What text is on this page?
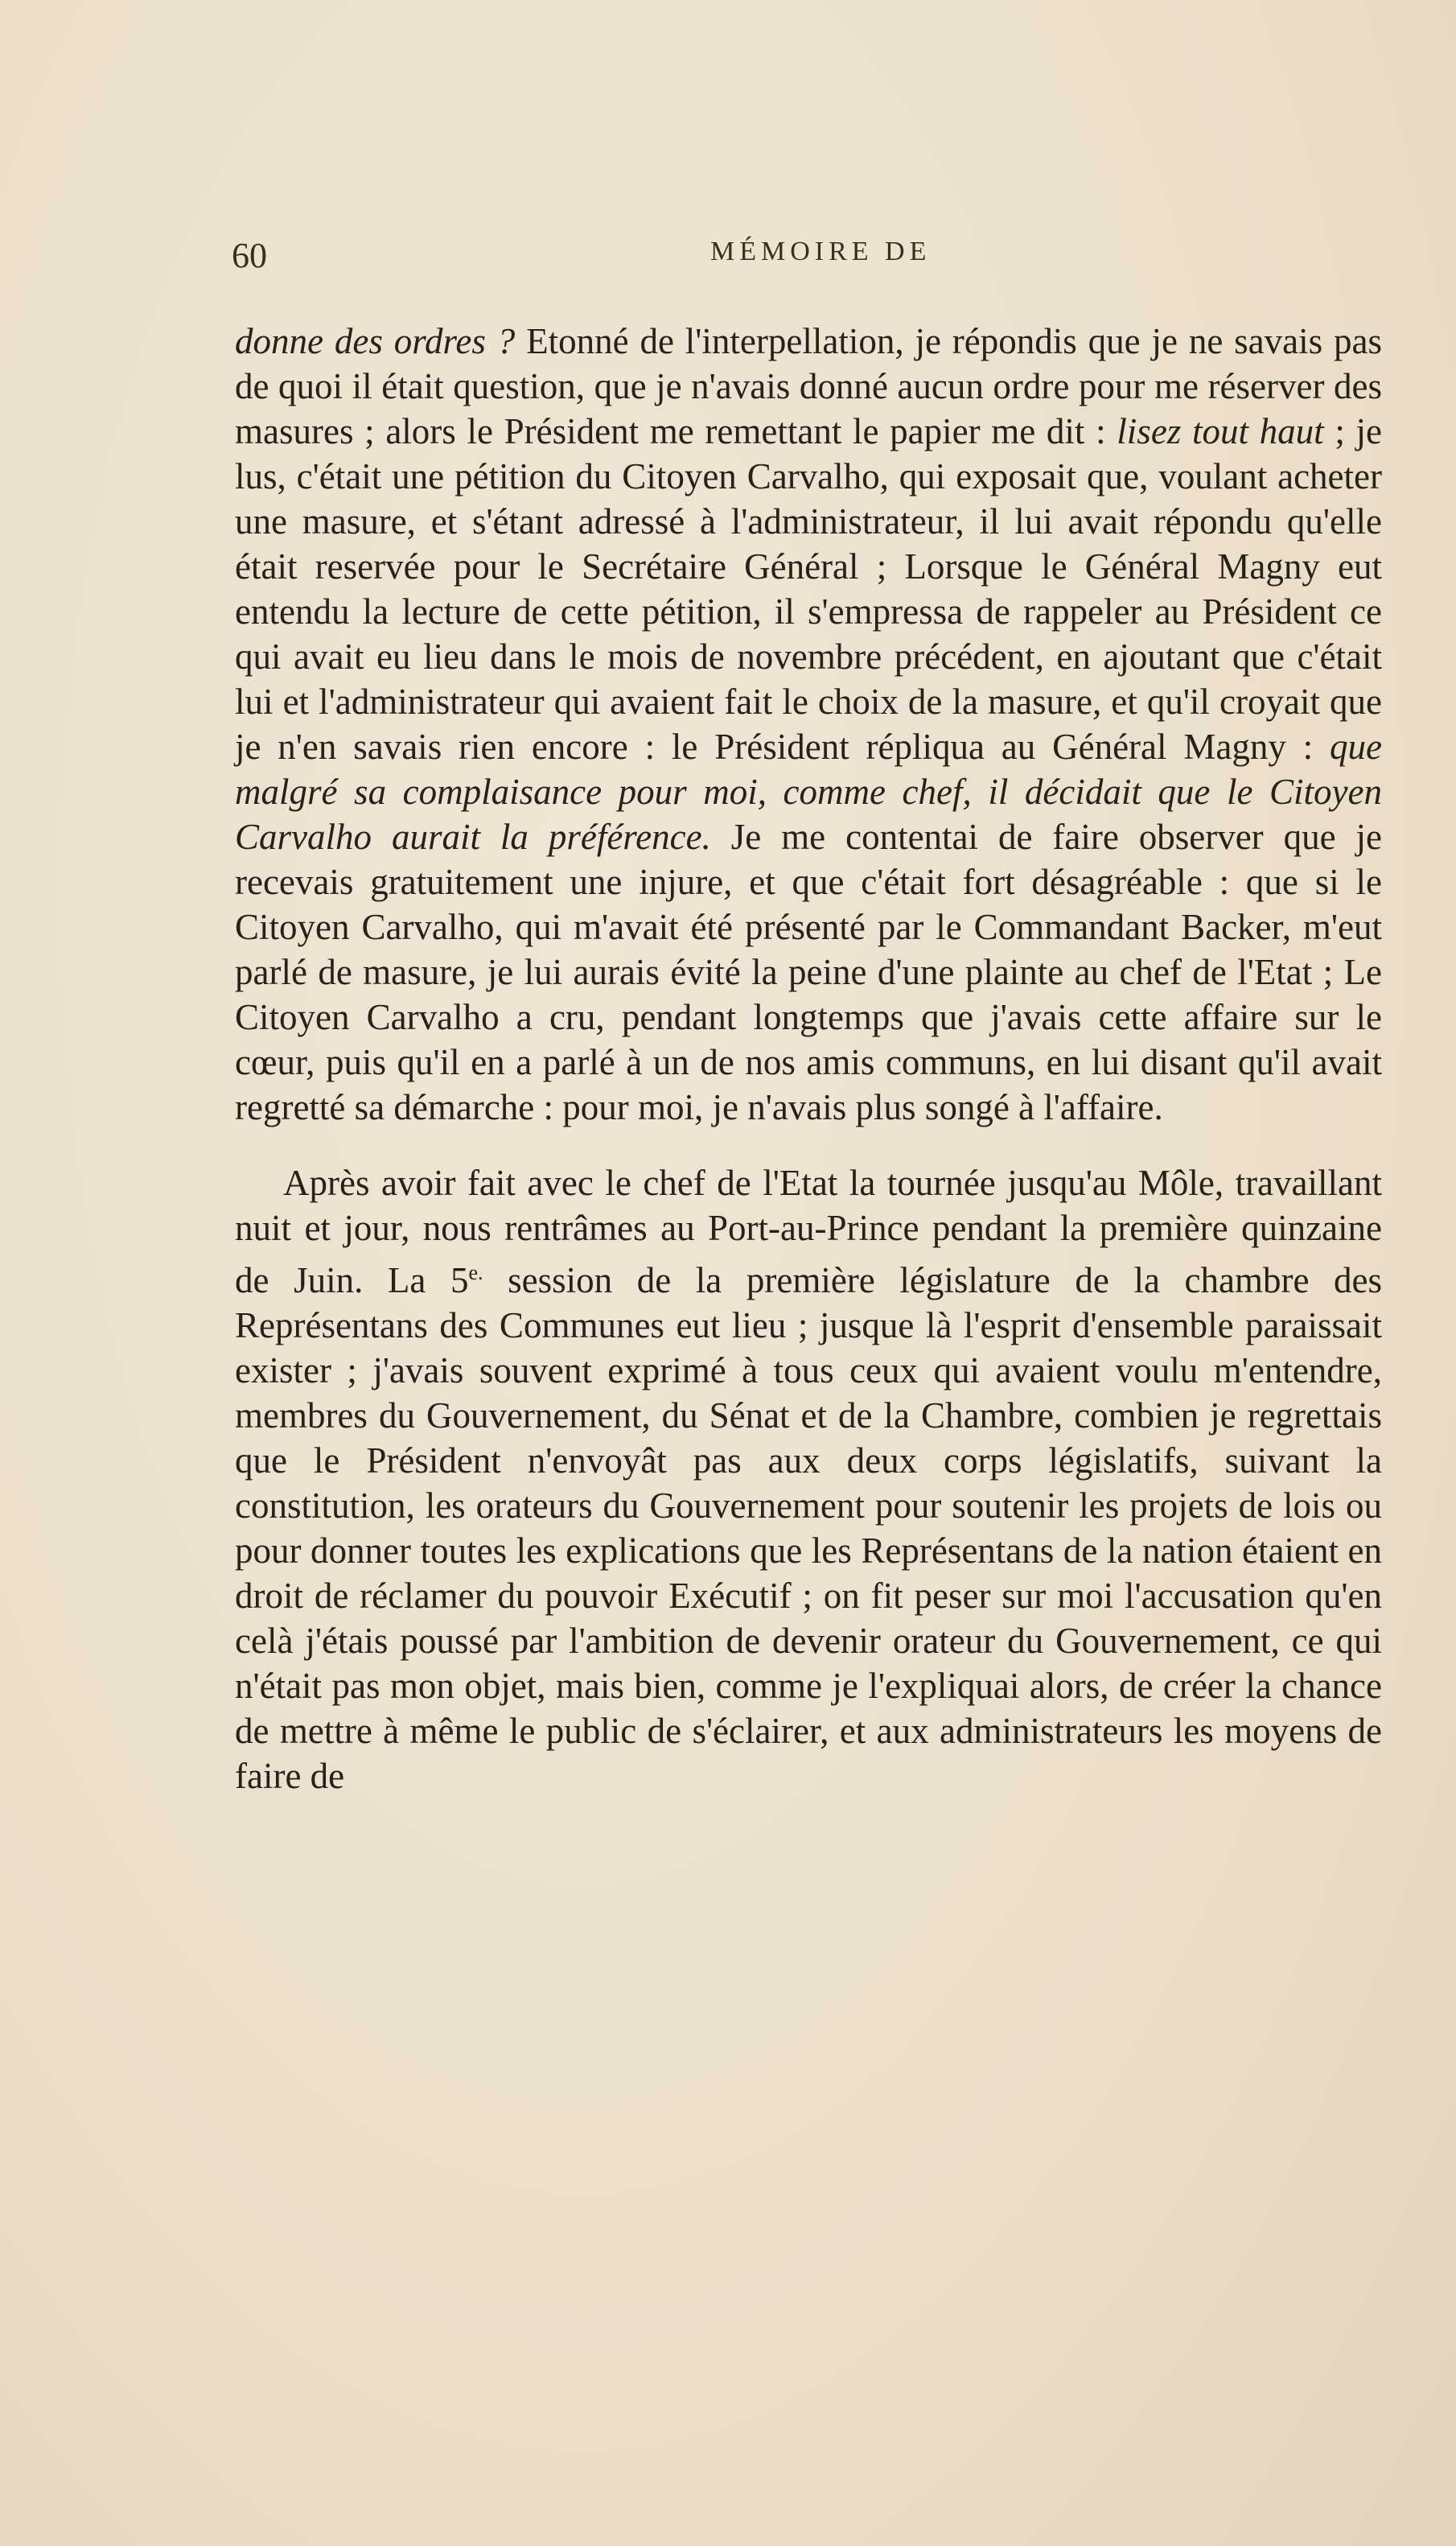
60	MÉMOIRE DE

donne des ordres ? Etonné de l'interpellation, je répondis que je ne savais pas de quoi il était question, que je n'avais donné aucun ordre pour me réserver des masures ; alors le Président me remettant le papier me dit : lisez tout haut ; je lus, c'était une pétition du Citoyen Carvalho, qui exposait que, voulant acheter une masure, et s'étant adressé à l'administrateur, il lui avait répondu qu'elle était reservée pour le Secrétaire Général ; Lorsque le Général Magny eut entendu la lecture de cette pétition, il s'empressa de rappeler au Président ce qui avait eu lieu dans le mois de novembre précédent, en ajoutant que c'était lui et l'administrateur qui avaient fait le choix de la masure, et qu'il croyait que je n'en savais rien encore : le Président répliqua au Général Magny : que malgré sa complaisance pour moi, comme chef, il décidait que le Citoyen Carvalho aurait la préférence. Je me contentai de faire observer que je recevais gratuitement une injure, et que c'était fort désagréable : que si le Citoyen Carvalho, qui m'avait été présenté par le Commandant Backer, m'eut parlé de masure, je lui aurais évité la peine d'une plainte au chef de l'Etat ; Le Citoyen Carvalho a cru, pendant longtemps que j'avais cette affaire sur le cœur, puis qu'il en a parlé à un de nos amis communs, en lui disant qu'il avait regretté sa démarche : pour moi, je n'avais plus songé à l'affaire.

Après avoir fait avec le chef de l'Etat la tournée jusqu'au Môle, travaillant nuit et jour, nous rentrâmes au Port-au-Prince pendant la première quinzaine de Juin. La $5^{e.}$ session de la première législature de la chambre des Représentans des Communes eut lieu ; jusque là l'esprit d'ensemble paraissait exister ; j'avais souvent exprimé à tous ceux qui avaient voulu m'entendre, membres du Gouvernement, du Sénat et de la Chambre, combien je regrettais que le Président n'envoyât pas aux deux corps législatifs, suivant la constitution, les orateurs du Gouvernement pour soutenir les projets de lois ou pour donner toutes les explications que les Représentans de la nation étaient en droit de réclamer du pouvoir Exécutif ; on fit peser sur moi l'accusation qu'en celà j'étais poussé par l'ambition de devenir orateur du Gouvernement, ce qui n'était pas mon objet, mais bien, comme je l'expliquai alors, de créer la chance de mettre à même le public de s'éclairer, et aux administrateurs les moyens de faire de
